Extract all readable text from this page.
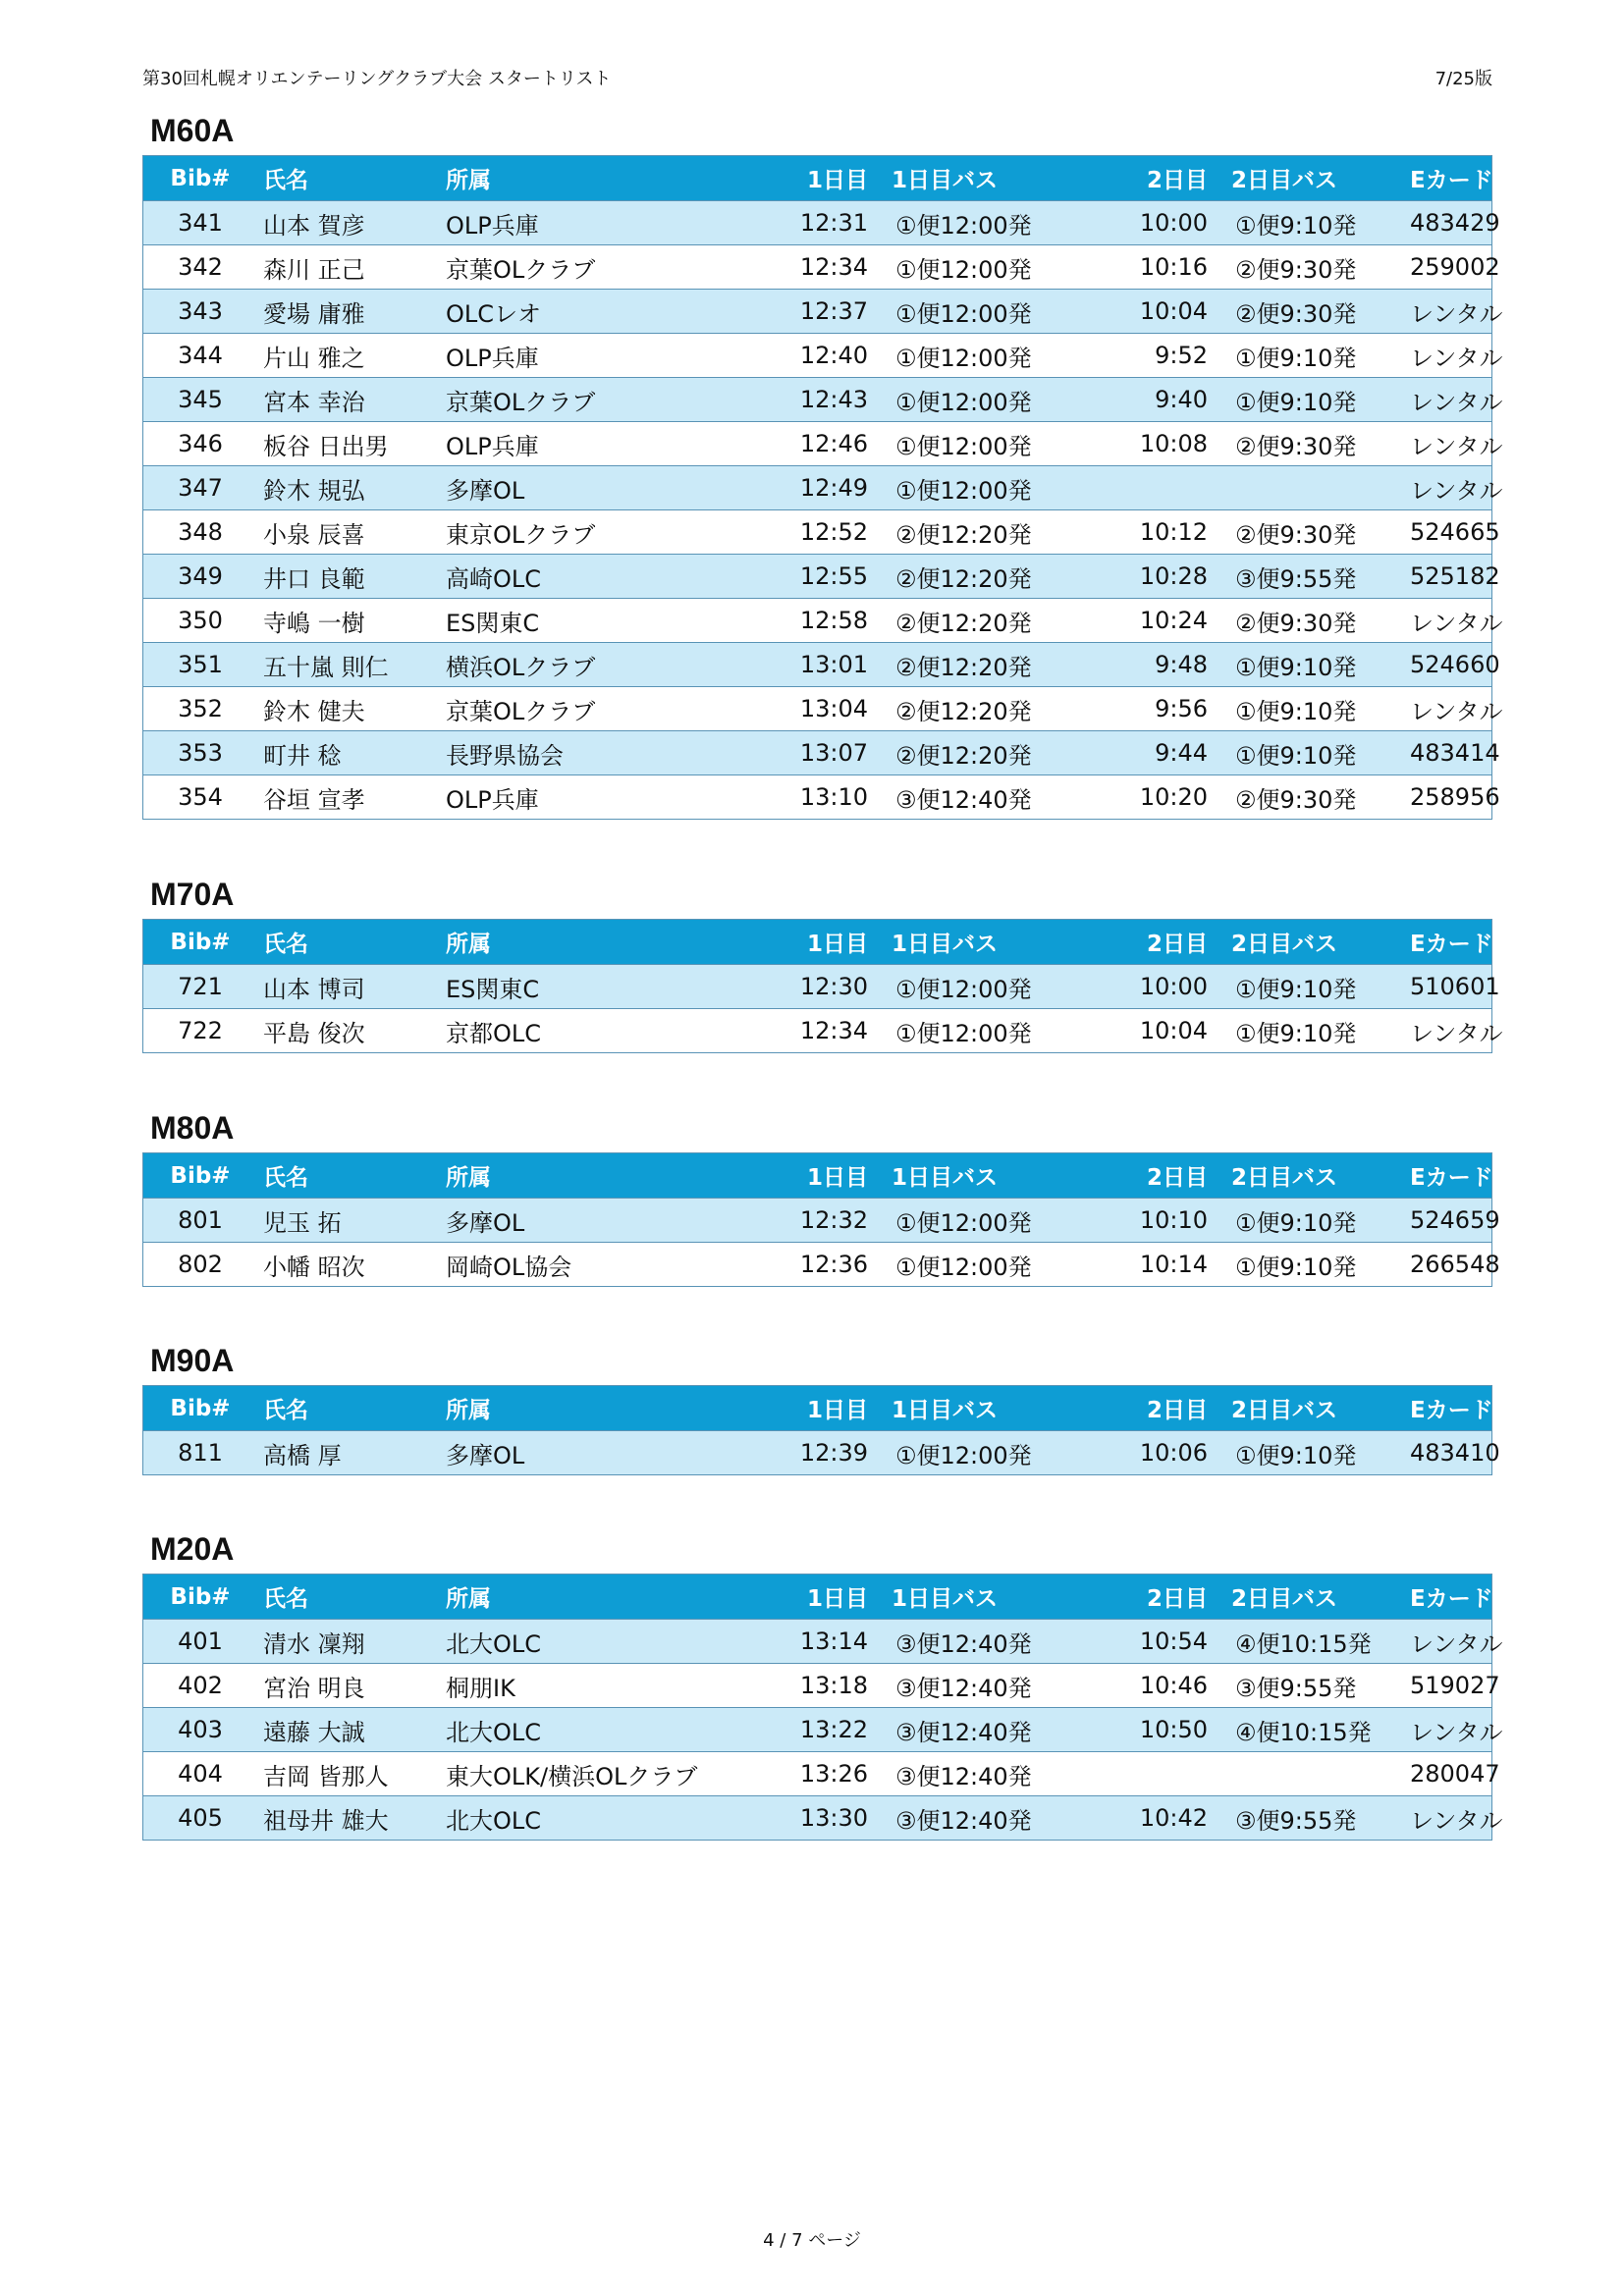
第30回札幌オリエンテーリングクラブ大会 スタートリスト	7/25版
M60A
Bib#	氏名	所属	1日目	1日目バス	2日目	2日目バス	Eカード番号
341	山本 賀彦	OLP兵庫	12:31	①便12:00発	10:00	①便9:10発	483429
342	森川 正己	京葉OLクラブ	12:34	①便12:00発	10:16	②便9:30発	259002
343	愛場 庸雅	OLCレオ	12:37	①便12:00発	10:04	②便9:30発	レンタル
344	片山 雅之	OLP兵庫	12:40	①便12:00発	9:52	①便9:10発	レンタル
345	宮本 幸治	京葉OLクラブ	12:43	①便12:00発	9:40	①便9:10発	レンタル
346	板谷 日出男	OLP兵庫	12:46	①便12:00発	10:08	②便9:30発	レンタル
347	鈴木 規弘	多摩OL	12:49	①便12:00発			レンタル
348	小泉 辰喜	東京OLクラブ	12:52	②便12:20発	10:12	②便9:30発	524665
349	井口 良範	高崎OLC	12:55	②便12:20発	10:28	③便9:55発	525182
350	寺嶋 一樹	ES関東C	12:58	②便12:20発	10:24	②便9:30発	レンタル
351	五十嵐 則仁	横浜OLクラブ	13:01	②便12:20発	9:48	①便9:10発	524660
352	鈴木 健夫	京葉OLクラブ	13:04	②便12:20発	9:56	①便9:10発	レンタル
353	町井 稔	長野県協会	13:07	②便12:20発	9:44	①便9:10発	483414
354	谷垣 宣孝	OLP兵庫	13:10	③便12:40発	10:20	②便9:30発	258956
M70A
Bib#	氏名	所属	1日目	1日目バス	2日目	2日目バス	Eカード番号
721	山本 博司	ES関東C	12:30	①便12:00発	10:00	①便9:10発	510601
722	平島 俊次	京都OLC	12:34	①便12:00発	10:04	①便9:10発	レンタル
M80A
Bib#	氏名	所属	1日目	1日目バス	2日目	2日目バス	Eカード番号
801	児玉 拓	多摩OL	12:32	①便12:00発	10:10	①便9:10発	524659
802	小幡 昭次	岡崎OL協会	12:36	①便12:00発	10:14	①便9:10発	266548
M90A
Bib#	氏名	所属	1日目	1日目バス	2日目	2日目バス	Eカード番号
811	高橋 厚	多摩OL	12:39	①便12:00発	10:06	①便9:10発	483410
M20A
Bib#	氏名	所属	1日目	1日目バス	2日目	2日目バス	Eカード番号
401	清水 凜翔	北大OLC	13:14	③便12:40発	10:54	④便10:15発	レンタル
402	宮治 明良	桐朋IK	13:18	③便12:40発	10:46	③便9:55発	519027
403	遠藤 大誠	北大OLC	13:22	③便12:40発	10:50	④便10:15発	レンタル
404	吉岡 皆那人	東大OLK/横浜OLクラブ	13:26	③便12:40発			280047
405	祖母井 雄大	北大OLC	13:30	③便12:40発	10:42	③便9:55発	レンタル
4 / 7 ページ
